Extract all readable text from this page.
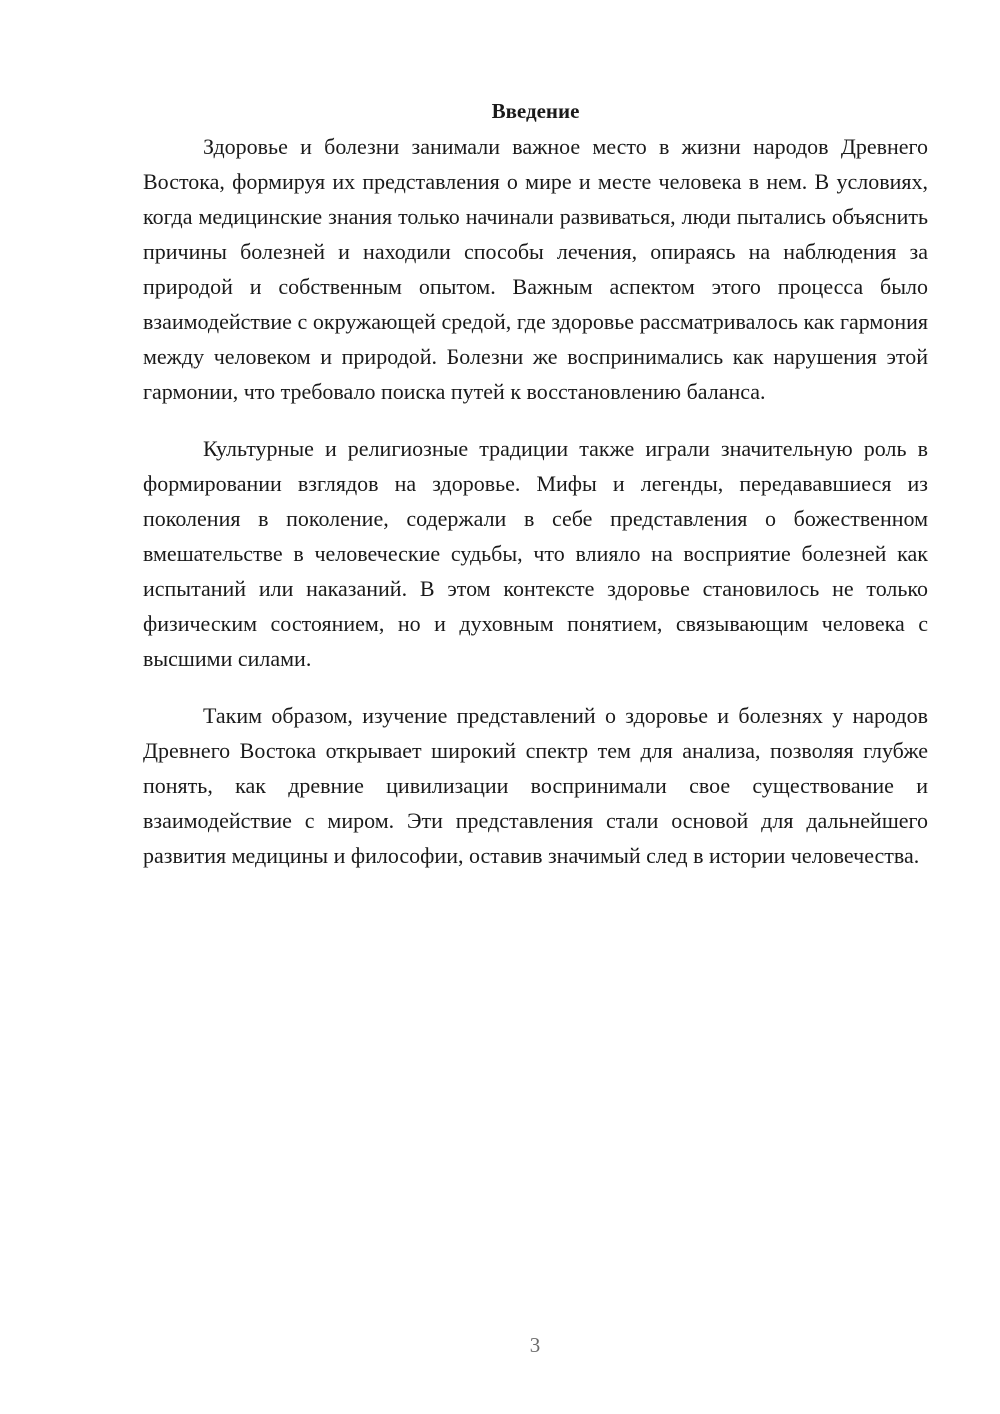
Введение

Здоровье и болезни занимали важное место в жизни народов Древнего Востока, формируя их представления о мире и месте человека в нем. В условиях, когда медицинские знания только начинали развиваться, люди пытались объяснить причины болезней и находили способы лечения, опираясь на наблюдения за природой и собственным опытом. Важным аспектом этого процесса было взаимодействие с окружающей средой, где здоровье рассматривалось как гармония между человеком и природой. Болезни же воспринимались как нарушения этой гармонии, что требовало поиска путей к восстановлению баланса.

Культурные и религиозные традиции также играли значительную роль в формировании взглядов на здоровье. Мифы и легенды, передававшиеся из поколения в поколение, содержали в себе представления о божественном вмешательстве в человеческие судьбы, что влияло на восприятие болезней как испытаний или наказаний. В этом контексте здоровье становилось не только физическим состоянием, но и духовным понятием, связывающим человека с высшими силами.

Таким образом, изучение представлений о здоровье и болезнях у народов Древнего Востока открывает широкий спектр тем для анализа, позволяя глубже понять, как древние цивилизации воспринимали свое существование и взаимодействие с миром. Эти представления стали основой для дальнейшего развития медицины и философии, оставив значимый след в истории человечества.

3
